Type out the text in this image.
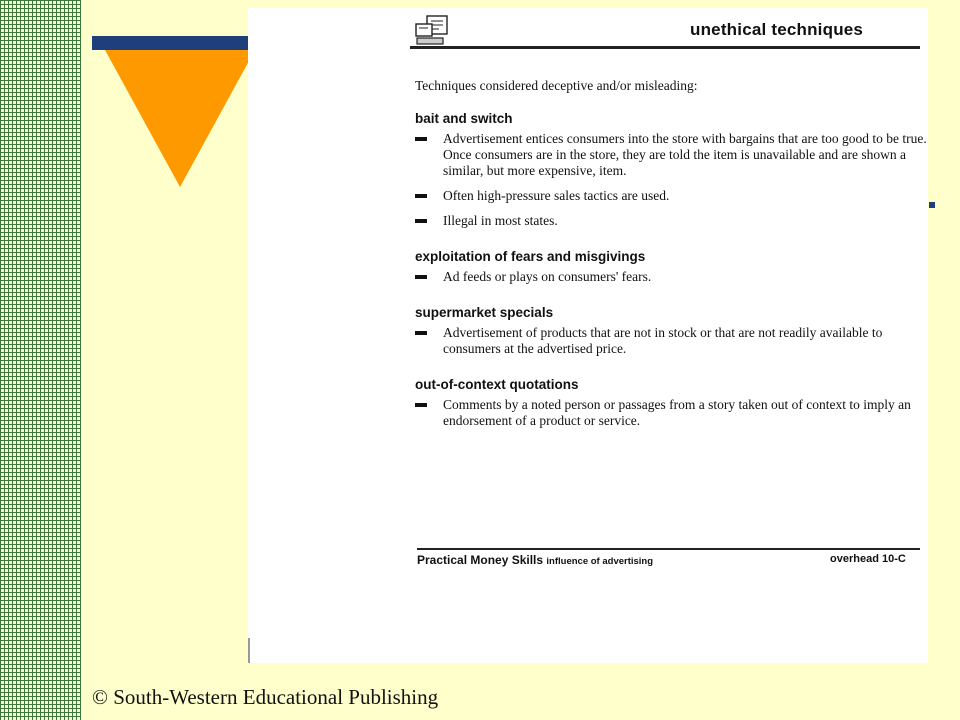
unethical techniques

Techniques considered deceptive and/or misleading:

bait and switch
Advertisement entices consumers into the store with bargains that are too good to be true. Once consumers are in the store, they are told the item is unavailable and are shown a similar, but more expensive, item.
Often high-pressure sales tactics are used.
Illegal in most states.
exploitation of fears and misgivings
Ad feeds or plays on consumers' fears.
supermarket specials
Advertisement of products that are not in stock or that are not readily available to consumers at the advertised price.
out-of-context quotations
Comments by a noted person or passages from a story taken out of context to imply an endorsement of a product or service.
Practical Money Skills influence of advertising	overhead 10-C
© South-Western Educational Publishing
